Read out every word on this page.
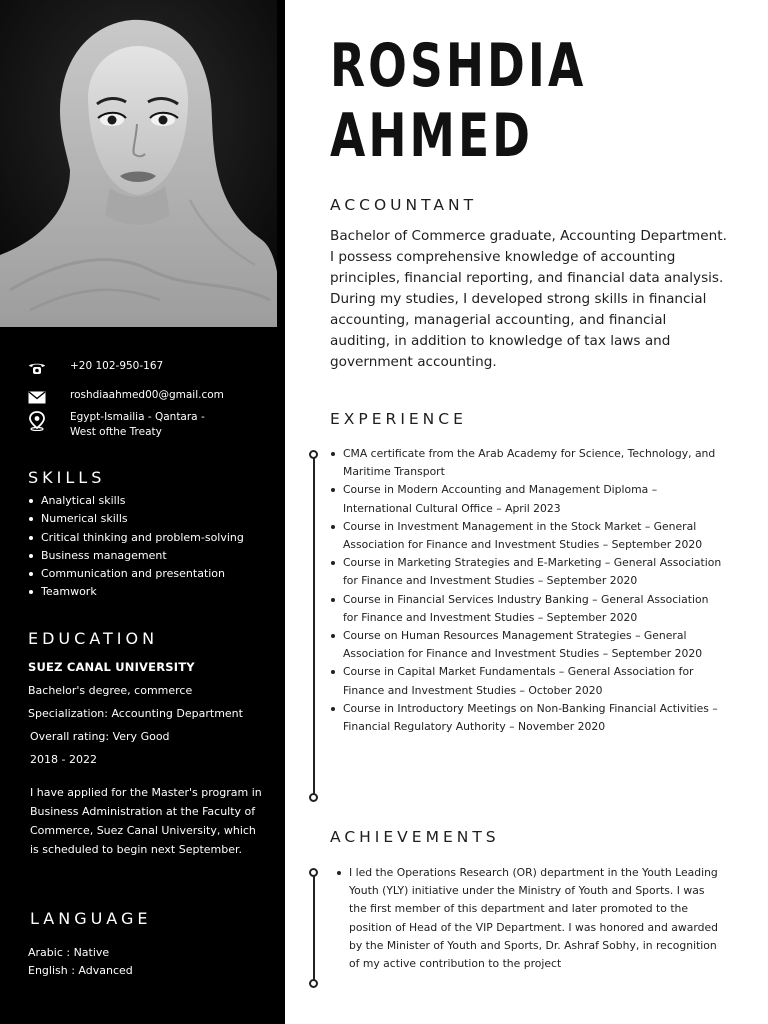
+20 102-950-167
roshdiaahmed00@gmail.com
Egypt-Ismailia - Qantara - West ofthe Treaty
SKILLS
Analytical skills
Numerical skills
Critical thinking and problem-solving
Business management
Communication and presentation
Teamwork
EDUCATION
SUEZ CANAL UNIVERSITY
Bachelor's degree, commerce
Specialization: Accounting Department
Overall rating: Very Good
2018 - 2022
I have applied for the Master's program in Business Administration at the Faculty of Commerce, Suez Canal University, which is scheduled to begin next September.
LANGUAGE
Arabic : Native
English : Advanced
ROSHDIA
AHMED
ACCOUNTANT
Bachelor of Commerce graduate, Accounting Department. I possess comprehensive knowledge of accounting principles, financial reporting, and financial data analysis. During my studies, I developed strong skills in financial accounting, managerial accounting, and financial auditing, in addition to knowledge of tax laws and government accounting.
EXPERIENCE
CMA certificate from the Arab Academy for Science, Technology, and Maritime Transport
Course in Modern Accounting and Management Diploma – International Cultural Office – April 2023
Course in Investment Management in the Stock Market – General Association for Finance and Investment Studies – September 2020
Course in Marketing Strategies and E-Marketing – General Association for Finance and Investment Studies – September 2020
Course in Financial Services Industry Banking – General Association for Finance and Investment Studies – September 2020
Course on Human Resources Management Strategies – General Association for Finance and Investment Studies – September 2020
Course in Capital Market Fundamentals – General Association for Finance and Investment Studies – October 2020
Course in Introductory Meetings on Non-Banking Financial Activities – Financial Regulatory Authority – November 2020
ACHIEVEMENTS
I led the Operations Research (OR) department in the Youth Leading Youth (YLY) initiative under the Ministry of Youth and Sports. I was the first member of this department and later promoted to the position of Head of the VIP Department. I was honored and awarded by the Minister of Youth and Sports, Dr. Ashraf Sobhy, in recognition of my active contribution to the project
